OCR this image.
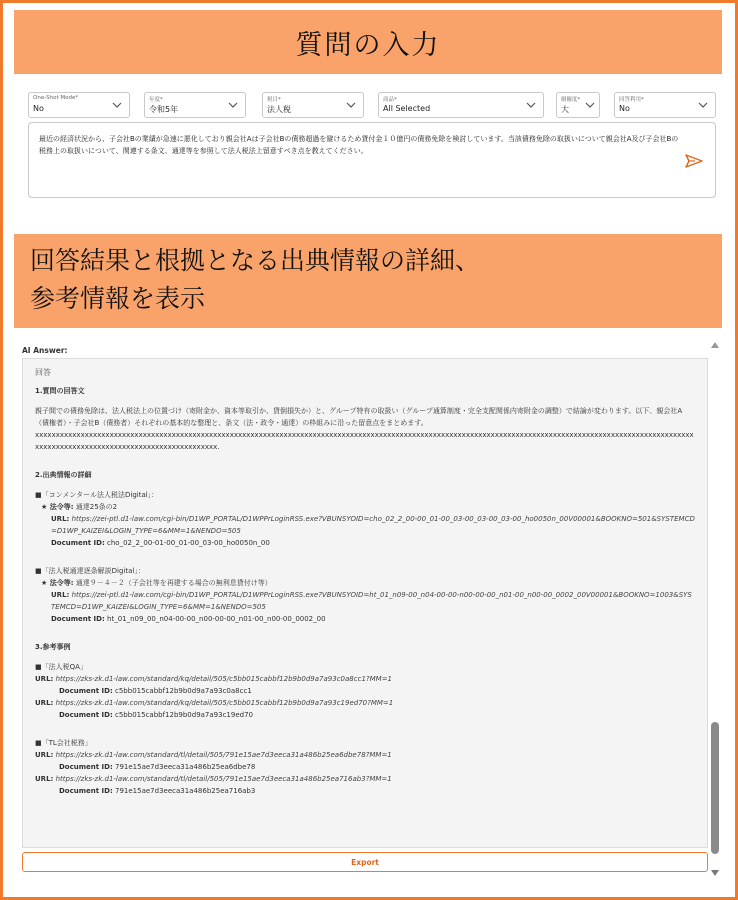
質問の入力
One-Shot Mode*
No
年度*
令和5年
税目*
法人税
商品*
All Selected
網羅度*
大
回答利用*
No
最近の経済状況から、子会社Bの業績が急速に悪化しており親会社Aは子会社Bの債務超過を避けるため貸付金１０億円の債務免除を検討しています。当該債務免除の取扱いについて親会社A及び子会社Bの税務上の取扱いについて、関連する条文、通達等を参照して法人税法上留意すべき点を教えてください。
回答結果と根拠となる出典情報の詳細、
参考情報を表示
AI Answer:
回答
1.質問の回答文
親子間での債務免除は、法人税法上の位置づけ（寄附金か、資本等取引か、貸倒損失か）と、グループ特有の取扱い（グループ通算制度・完全支配関係内寄附金の調整）で結論が変わります。以下、親会社A（債権者）・子会社B（債務者）それぞれの基本的な整理と、条文（法・政令・通達）の枠組みに沿った留意点をまとめます。
xxxxxxxxxxxxxxxxxxxxxxxxxxxxxxxxxxxxxxxxxxxxxxxxxxxxxxxxxxxxxxxxxxxxxxxxxxxxxxxxxxxxxxxxxxxxxxxxxxxxxxxxxxxxxxxxxxxxxxxxxxxxxxxxxxxxxxxxxxxxxxxxxxxxxxxxxxxxxxxxxxxxxxxxxxxxxxxxxxxxxxxxxxxxxxxxxxxxxxxxxxx.
2.出典情報の詳細
■「コンメンタール法人税法Digital」：
★ 法令等: 通達25条の2
URL: https://zei-ptl.d1-law.com/cgi-bin/D1WP_PORTAL/D1WPPrLoginRSS.exe?VBUNSYOID=cho_02_2_00-00_01-00_03-00_03-00_03-00_ho0050n_00V00001&BOOKNO=501&SYSTEMCD=D1WP_KAIZEI&LOGIN_TYPE=6&MM=1&NENDO=505
Document ID: cho_02_2_00-01-00_01-00_03-00_ho0050n_00
■「法人税通達逐条解説Digital」：
★ 法令等: 通達９－４－２（子会社等を再建する場合の無利息貸付け等）
URL: https://zei-ptl.d1-law.com/cgi-bin/D1WP_PORTAL/D1WPPrLoginRSS.exe?VBUNSYOID=ht_01_n09-00_n04-00-00-n00-00-00_n01-00_n00-00_0002_00V00001&BOOKNO=1003&SYSTEMCD=D1WP_KAIZEI&LOGIN_TYPE=6&MM=1&NENDO=505
Document ID: ht_01_n09_00_n04-00-00_n00-00-00_n01-00_n00-00_0002_00
3.参考事例
■「法人税QA」
URL: https://zks-zk.d1-law.com/standard/kq/detail/505/c5bb015cabbf12b9b0d9a7a93c0a8cc1?MM=1
Document ID: c5bb015cabbf12b9b0d9a7a93c0a8cc1
URL: https://zks-zk.d1-law.com/standard/kq/detail/505/c5bb015cabbf12b9b0d9a7a93c19ed70?MM=1
Document ID: c5bb015cabbf12b9b0d9a7a93c19ed70
■「TL会社税務」
URL: https://zks-zk.d1-law.com/standard/tl/detail/505/791e15ae7d3eeca31a486b25ea6dbe78?MM=1
Document ID: 791e15ae7d3eeca31a486b25ea6dbe78
URL: https://zks-zk.d1-law.com/standard/tl/detail/505/791e15ae7d3eeca31a486b25ea716ab3?MM=1
Document ID: 791e15ae7d3eeca31a486b25ea716ab3
Export
